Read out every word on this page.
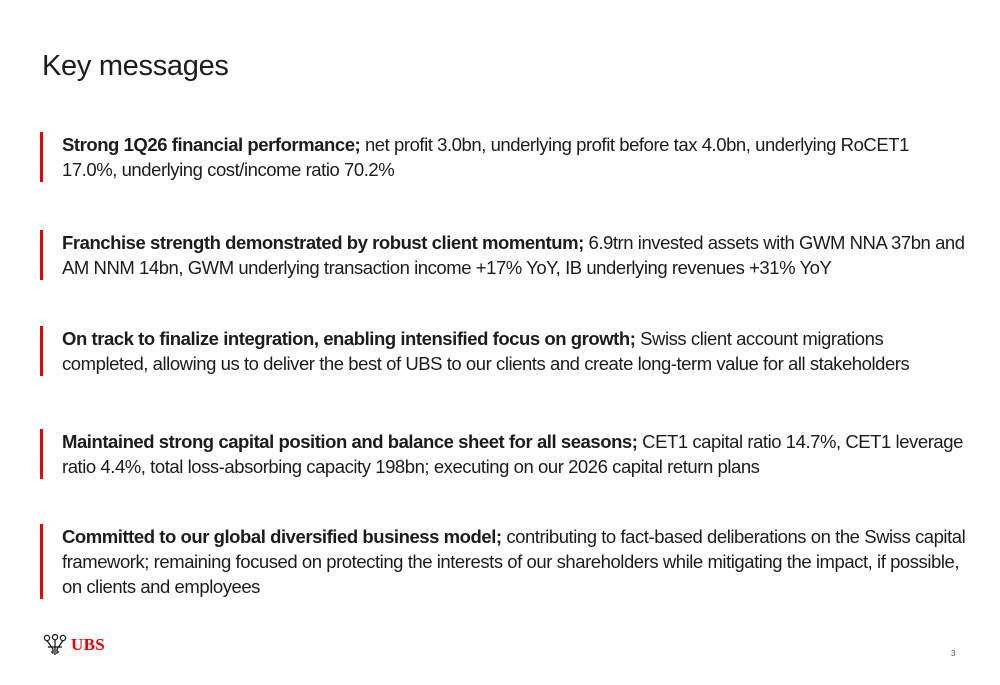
Key messages
Strong 1Q26 financial performance; net profit 3.0bn, underlying profit before tax 4.0bn, underlying RoCET1 17.0%, underlying cost/income ratio 70.2%
Franchise strength demonstrated by robust client momentum; 6.9trn invested assets with GWM NNA 37bn and AM NNM 14bn, GWM underlying transaction income +17% YoY, IB underlying revenues +31% YoY
On track to finalize integration, enabling intensified focus on growth; Swiss client account migrations completed, allowing us to deliver the best of UBS to our clients and create long-term value for all stakeholders
Maintained strong capital position and balance sheet for all seasons; CET1 capital ratio 14.7%, CET1 leverage ratio 4.4%, total loss-absorbing capacity 198bn; executing on our 2026 capital return plans
Committed to our global diversified business model; contributing to fact-based deliberations on the Swiss capital framework; remaining focused on protecting the interests of our shareholders while mitigating the impact, if possible, on clients and employees
UBS	3
